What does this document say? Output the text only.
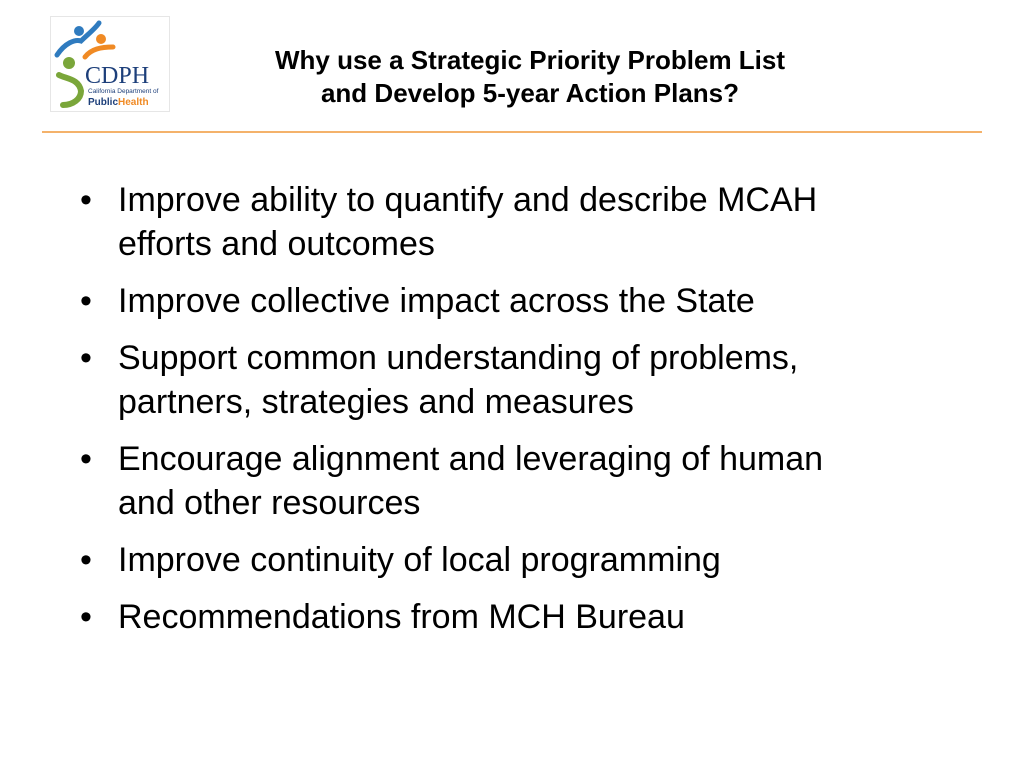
CDPH
California Department of
PublicHealth
Why use a Strategic Priority Problem List
and Develop 5-year Action Plans?
• Improve ability to quantify and describe MCAH
efforts and outcomes
• Improve collective impact across the State
• Support common understanding of problems,
partners, strategies and measures
• Encourage alignment and leveraging of human
and other resources
• Improve continuity of local programming
• Recommendations from MCH Bureau
